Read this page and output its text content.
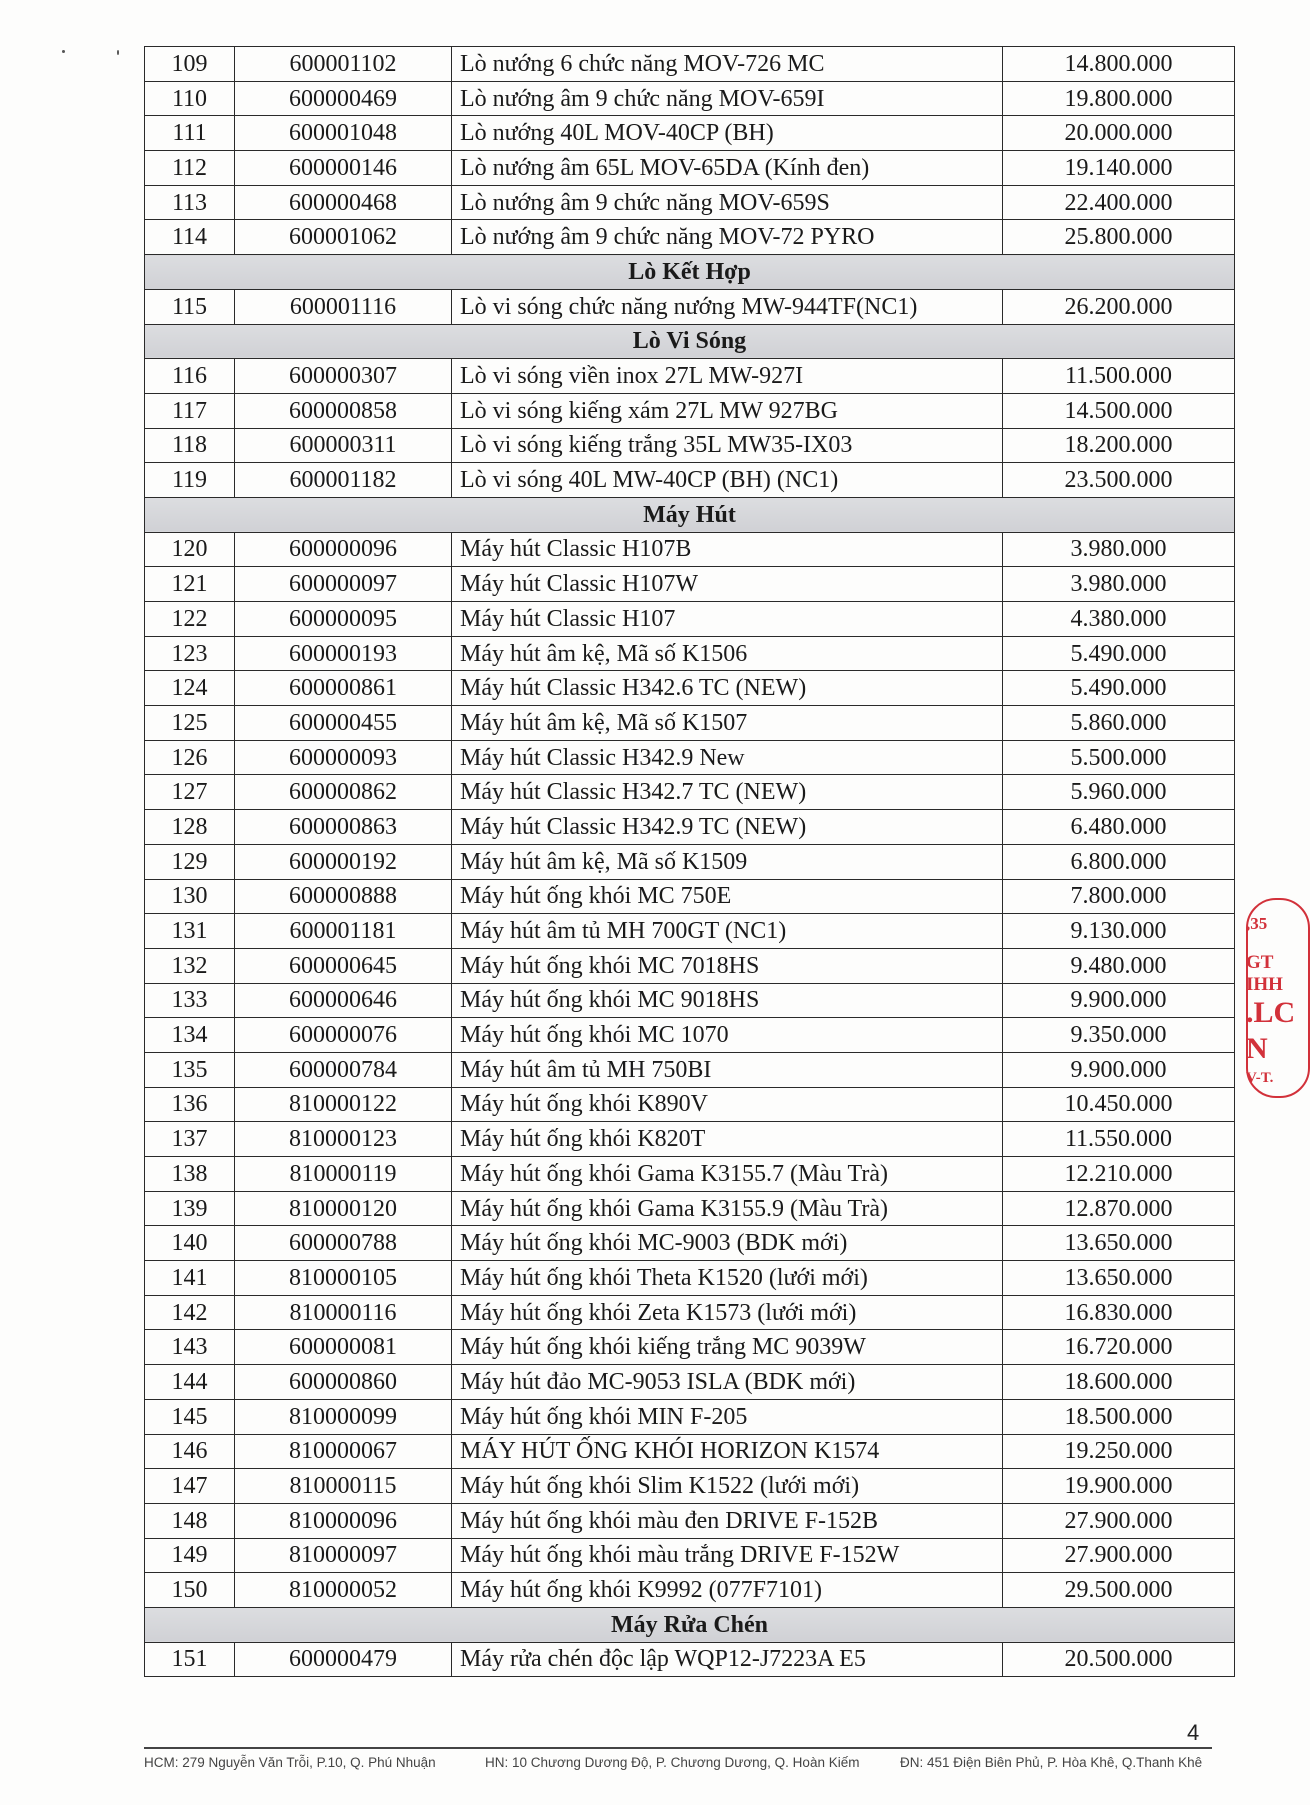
109	600001102	Lò nướng 6 chức năng MOV-726 MC	14.800.000
110	600000469	Lò nướng âm 9 chức năng MOV-659I	19.800.000
111	600001048	Lò nướng 40L MOV-40CP (BH)	20.000.000
112	600000146	Lò nướng âm 65L MOV-65DA (Kính đen)	19.140.000
113	600000468	Lò nướng âm 9 chức năng MOV-659S	22.400.000
114	600001062	Lò nướng âm 9 chức năng MOV-72 PYRO	25.800.000
Lò Kết Hợp			
115	600001116	Lò vi sóng chức năng nướng MW-944TF(NC1)	26.200.000
Lò Vi Sóng			
116	600000307	Lò vi sóng viền inox 27L MW-927I	11.500.000
117	600000858	Lò vi sóng kiếng xám 27L MW 927BG	14.500.000
118	600000311	Lò vi sóng kiếng trắng 35L MW35-IX03	18.200.000
119	600001182	Lò vi sóng 40L MW-40CP (BH) (NC1)	23.500.000
Máy Hút			
120	600000096	Máy hút Classic H107B	3.980.000
121	600000097	Máy hút Classic H107W	3.980.000
122	600000095	Máy hút Classic H107	4.380.000
123	600000193	Máy hút âm kệ, Mã số K1506	5.490.000
124	600000861	Máy hút Classic H342.6 TC (NEW)	5.490.000
125	600000455	Máy hút âm kệ, Mã số K1507	5.860.000
126	600000093	Máy hút Classic H342.9 New	5.500.000
127	600000862	Máy hút Classic H342.7 TC (NEW)	5.960.000
128	600000863	Máy hút Classic H342.9 TC (NEW)	6.480.000
129	600000192	Máy hút âm kệ, Mã số K1509	6.800.000
130	600000888	Máy hút ống khói MC 750E	7.800.000
131	600001181	Máy hút âm tủ MH 700GT (NC1)	9.130.000
132	600000645	Máy hút ống khói MC 7018HS	9.480.000
133	600000646	Máy hút ống khói MC 9018HS	9.900.000
134	600000076	Máy hút ống khói MC 1070	9.350.000
135	600000784	Máy hút âm tủ MH 750BI	9.900.000
136	810000122	Máy hút ống khói K890V	10.450.000
137	810000123	Máy hút ống khói K820T	11.550.000
138	810000119	Máy hút ống khói Gama K3155.7 (Màu Trà)	12.210.000
139	810000120	Máy hút ống khói Gama K3155.9 (Màu Trà)	12.870.000
140	600000788	Máy hút ống khói MC-9003 (BDK mới)	13.650.000
141	810000105	Máy hút ống khói Theta K1520 (lưới mới)	13.650.000
142	810000116	Máy hút ống khói Zeta K1573 (lưới mới)	16.830.000
143	600000081	Máy hút ống khói kiếng trắng MC 9039W	16.720.000
144	600000860	Máy hút đảo MC-9053 ISLA (BDK mới)	18.600.000
145	810000099	Máy hút ống khói MIN F-205	18.500.000
146	810000067	MÁY HÚT ỐNG KHÓI HORIZON K1574	19.250.000
147	810000115	Máy hút ống khói Slim K1522 (lưới mới)	19.900.000
148	810000096	Máy hút ống khói màu đen DRIVE F-152B	27.900.000
149	810000097	Máy hút ống khói màu trắng DRIVE F-152W	27.900.000
150	810000052	Máy hút ống khói K9992 (077F7101)	29.500.000
Máy Rửa Chén			
151	600000479	Máy rửa chén độc lập WQP12-J7223A E5	20.500.000
,35
GT
IHH
.LC
N
V-T.
4
HCM: 279 Nguyễn Văn Trỗi, P.10, Q. Phú Nhuận	HN: 10 Chương Dương Độ, P. Chương Dương, Q. Hoàn Kiếm	ĐN: 451 Điện Biên Phủ, P. Hòa Khê, Q.Thanh Khê
